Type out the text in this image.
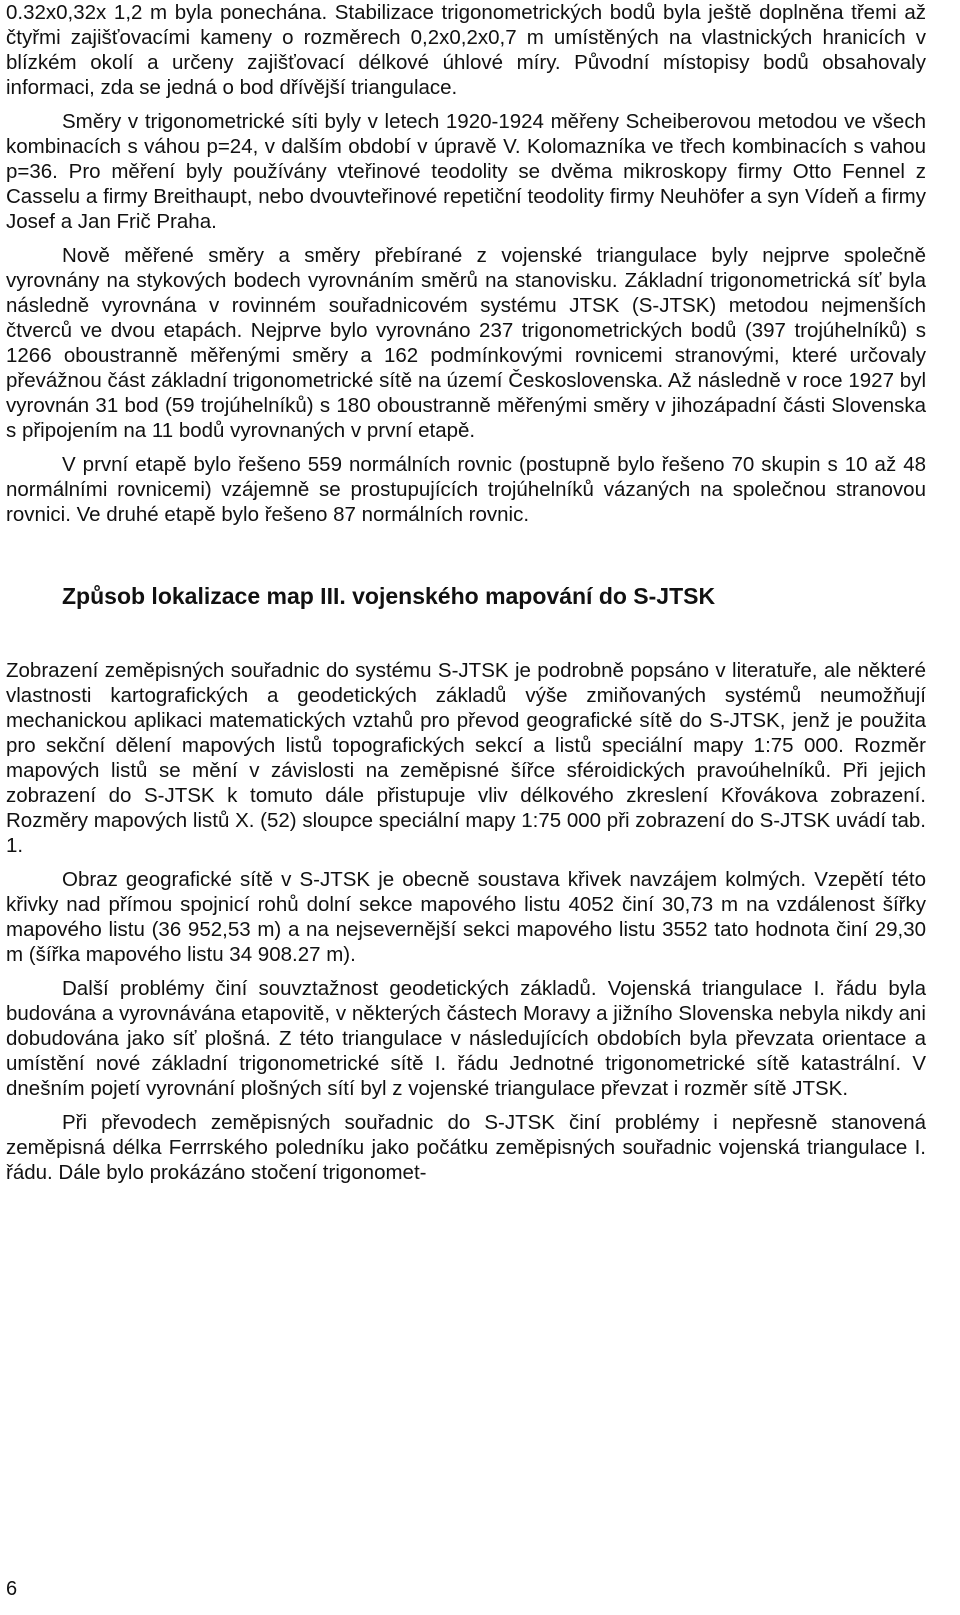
0.32x0,32x 1,2 m byla ponechána. Stabilizace trigonometrických bodů byla ještě doplněna třemi až čtyřmi zajišťovacími kameny o rozměrech 0,2x0,2x0,7 m umístěných na vlastnických hranicích v blízkém okolí a určeny zajišťovací délkové úhlové míry. Původní místopisy bodů obsahovaly informaci, zda se jedná o bod dřívější triangulace.

Směry v trigonometrické síti byly v letech 1920-1924 měřeny Scheiberovou metodou ve všech kombinacích s váhou p=24, v dalším období v úpravě V. Kolomazníka ve třech kombinacích s vahou p=36. Pro měření byly používány vteřinové teodolity se dvěma mikroskopy firmy Otto Fennel z Casselu a firmy Breithaupt, nebo dvouvteřinové repetiční teodolity firmy Neuhöfer a syn Vídeň a firmy Josef a Jan Frič Praha.

Nově měřené směry a směry přebírané z vojenské triangulace byly nejprve společně vyrovnány na stykových bodech vyrovnáním směrů na stanovisku. Základní trigonometrická síť byla následně vyrovnána v rovinném souřadnicovém systému JTSK (S-JTSK) metodou nejmenších čtverců ve dvou etapách. Nejprve bylo vyrovnáno 237 trigonometrických bodů (397 trojúhelníků) s 1266 oboustranně měřenými směry a 162 podmínkovými rovnicemi stranovými, které určovaly převážnou část základní trigonometrické sítě na území Československa. Až následně v roce 1927 byl vyrovnán 31 bod (59 trojúhelníků) s 180 oboustranně měřenými směry v jihozápadní části Slovenska s připojením na 11 bodů vyrovnaných v první etapě.

V první etapě bylo řešeno 559 normálních rovnic (postupně bylo řešeno 70 skupin s 10 až 48 normálními rovnicemi) vzájemně se prostupujících trojúhelníků vázaných na společnou stranovou rovnici. Ve druhé etapě bylo řešeno 87 normálních rovnic.

Způsob lokalizace map III. vojenského mapování do S-JTSK

Zobrazení zeměpisných souřadnic do systému S-JTSK je podrobně popsáno v literatuře, ale některé vlastnosti kartografických a geodetických základů výše zmiňovaných systémů neumožňují mechanickou aplikaci matematických vztahů pro převod geografické sítě do S-JTSK, jenž je použita pro sekční dělení mapových listů topografických sekcí a listů speciální mapy 1:75 000. Rozměr mapových listů se mění v závislosti na zeměpisné šířce sféroidických pravoúhelníků. Při jejich zobrazení do S-JTSK k tomuto dále přistupuje vliv délkového zkreslení Křovákova zobrazení. Rozměry mapových listů X. (52) sloupce speciální mapy 1:75 000 při zobrazení do S-JTSK uvádí tab. 1.

Obraz geografické sítě v S-JTSK je obecně soustava křivek navzájem kolmých. Vzepětí této křivky nad přímou spojnicí rohů dolní sekce mapového listu 4052 činí 30,73 m na vzdálenost šířky mapového listu (36 952,53 m) a na nejsevernější sekci mapového listu 3552 tato hodnota činí 29,30 m (šířka mapového listu 34 908.27 m).

Další problémy činí souvztažnost geodetických základů. Vojenská triangulace I. řádu byla budována a vyrovnávána etapovitě, v některých částech Moravy a jižního Slovenska nebyla nikdy ani dobudována jako síť plošná. Z této triangulace v následujících obdobích byla převzata orientace a umístění nové základní trigonometrické sítě I. řádu Jednotné trigonometrické sítě katastrální. V dnešním pojetí vyrovnání plošných sítí byl z vojenské triangulace převzat i rozměr sítě JTSK.

Při převodech zeměpisných souřadnic do S-JTSK činí problémy i nepřesně stanovená zeměpisná délka Ferrrského poledníku jako počátku zeměpisných souřadnic vojenská triangulace I. řádu. Dále bylo prokázáno stočení trigonomet-

6
